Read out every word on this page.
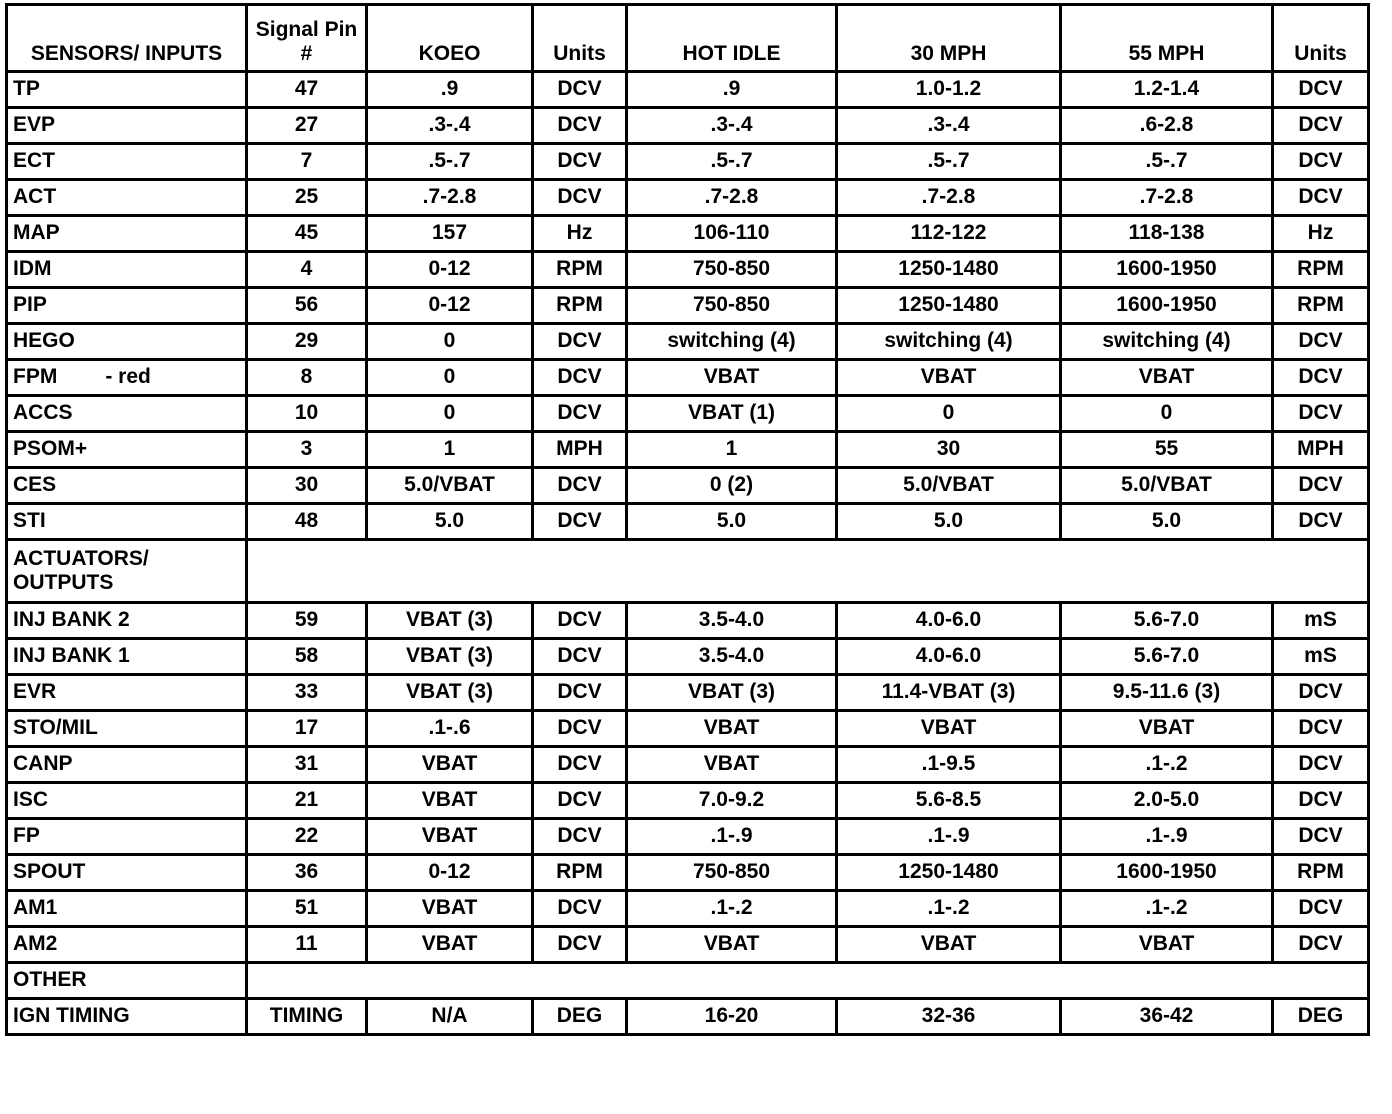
SENSORS/ INPUTS	Signal Pin #	KOEO	Units	HOT IDLE	30 MPH	55 MPH	Units
TP	47	.9	DCV	.9	1.0-1.2	1.2-1.4	DCV
EVP	27	.3-.4	DCV	.3-.4	.3-.4	.6-2.8	DCV
ECT	7	.5-.7	DCV	.5-.7	.5-.7	.5-.7	DCV
ACT	25	.7-2.8	DCV	.7-2.8	.7-2.8	.7-2.8	DCV
MAP	45	157	Hz	106-110	112-122	118-138	Hz
IDM	4	0-12	RPM	750-850	1250-1480	1600-1950	RPM
PIP	56	0-12	RPM	750-850	1250-1480	1600-1950	RPM
HEGO	29	0	DCV	switching (4)	switching (4)	switching (4)	DCV
FPM - red	8	0	DCV	VBAT	VBAT	VBAT	DCV
ACCS	10	0	DCV	VBAT (1)	0	0	DCV
PSOM+	3	1	MPH	1	30	55	MPH
CES	30	5.0/VBAT	DCV	0 (2)	5.0/VBAT	5.0/VBAT	DCV
STI	48	5.0	DCV	5.0	5.0	5.0	DCV
ACTUATORS/ OUTPUTS							
INJ BANK 2	59	VBAT (3)	DCV	3.5-4.0	4.0-6.0	5.6-7.0	mS
INJ BANK 1	58	VBAT (3)	DCV	3.5-4.0	4.0-6.0	5.6-7.0	mS
EVR	33	VBAT (3)	DCV	VBAT (3)	11.4-VBAT (3)	9.5-11.6 (3)	DCV
STO/MIL	17	.1-.6	DCV	VBAT	VBAT	VBAT	DCV
CANP	31	VBAT	DCV	VBAT	.1-9.5	.1-.2	DCV
ISC	21	VBAT	DCV	7.0-9.2	5.6-8.5	2.0-5.0	DCV
FP	22	VBAT	DCV	.1-.9	.1-.9	.1-.9	DCV
SPOUT	36	0-12	RPM	750-850	1250-1480	1600-1950	RPM
AM1	51	VBAT	DCV	.1-.2	.1-.2	.1-.2	DCV
AM2	11	VBAT	DCV	VBAT	VBAT	VBAT	DCV
OTHER							
IGN TIMING	TIMING	N/A	DEG	16-20	32-36	36-42	DEG
